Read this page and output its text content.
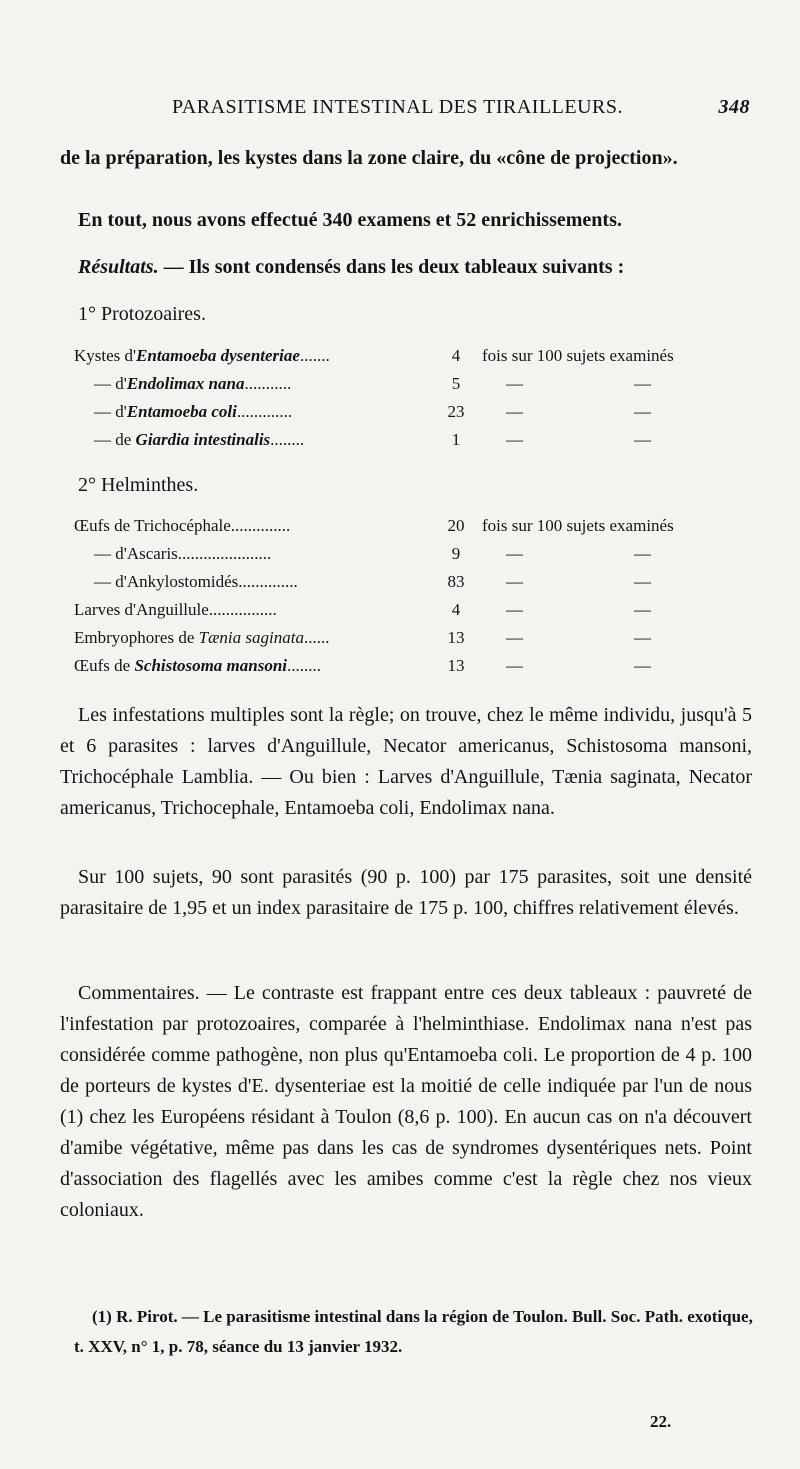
PARASITISME INTESTINAL DES TIRAILLEURS.	348
de la préparation, les kystes dans la zone claire, du «cône de projection».
En tout, nous avons effectué 340 examens et 52 enrichissements.
Résultats. — Ils sont condensés dans les deux tableaux suivants :
1° Protozoaires.
Kystes d'Entamoeba dysenteriae.......	4	fois sur 100 sujets examinés
— d'Endolimax nana...........	5	—	—
— d'Entamoeba coli.............	23	—	—
— de Giardia intestinalis........	1	—	—
2° Helminthes.
Œufs de Trichocéphale..............	20	fois sur 100 sujets examinés
— d'Ascaris......................	9	—	—
— d'Ankylostomidés..............	83	—	—
Larves d'Anguillule................	4	—	—
Embryophores de Tænia saginata......	13	—	—
Œufs de Schistosoma mansoni........	13	—	—
Les infestations multiples sont la règle; on trouve, chez le même individu, jusqu'à 5 et 6 parasites : larves d'Anguillule, Necator americanus, Schistosoma mansoni, Trichocéphale Lamblia. — Ou bien : Larves d'Anguillule, Tænia saginata, Necator americanus, Trichocephale, Entamoeba coli, Endolimax nana.
Sur 100 sujets, 90 sont parasités (90 p. 100) par 175 parasites, soit une densité parasitaire de 1,95 et un index parasitaire de 175 p. 100, chiffres relativement élevés.
Commentaires. — Le contraste est frappant entre ces deux tableaux : pauvreté de l'infestation par protozoaires, comparée à l'helminthiase. Endolimax nana n'est pas considérée comme pathogène, non plus qu'Entamoeba coli. Le proportion de 4 p. 100 de porteurs de kystes d'E. dysenteriae est la moitié de celle indiquée par l'un de nous (1) chez les Européens résidant à Toulon (8,6 p. 100). En aucun cas on n'a découvert d'amibe végétative, même pas dans les cas de syndromes dysentériques nets. Point d'association des flagellés avec les amibes comme c'est la règle chez nos vieux coloniaux.
(1) R. Pirot. — Le parasitisme intestinal dans la région de Toulon. Bull. Soc. Path. exotique, t. XXV, n° 1, p. 78, séance du 13 janvier 1932.
22.
